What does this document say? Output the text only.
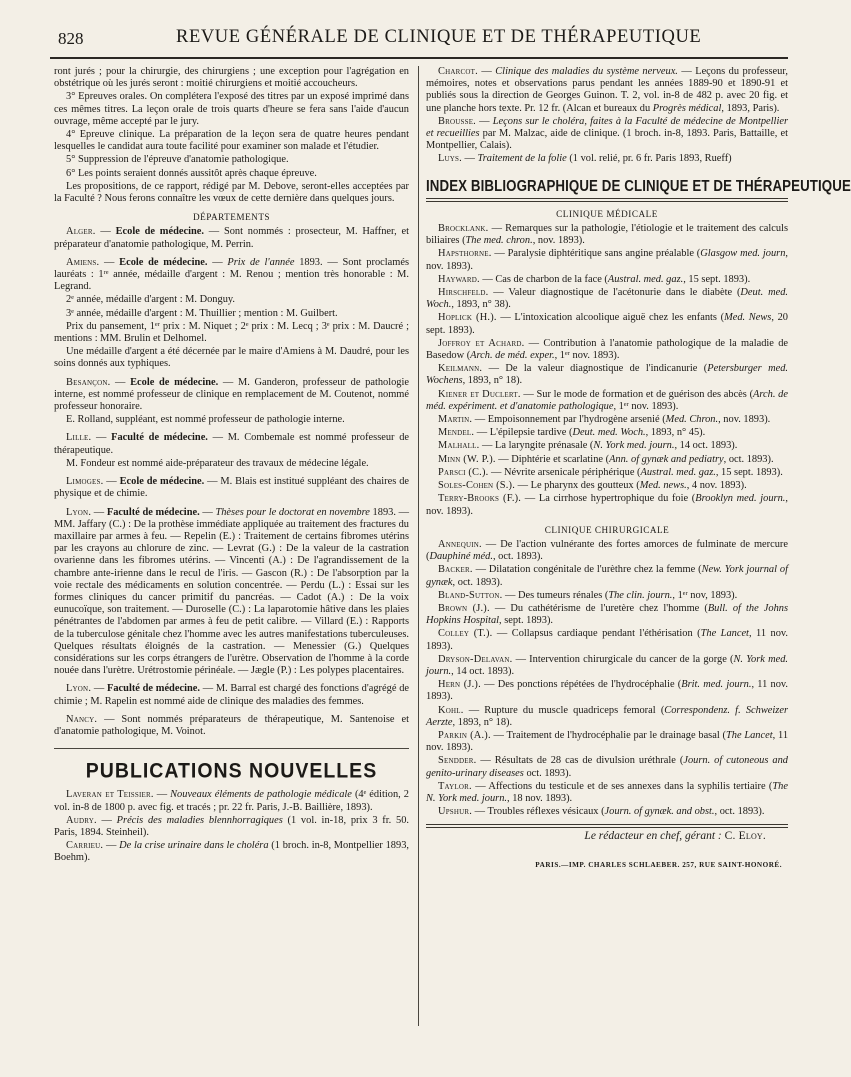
828	REVUE GÉNÉRALE DE CLINIQUE ET DE THÉRAPEUTIQUE

ront jurés ; pour la chirurgie, des chirurgiens ; une exception pour l'agrégation en obstétrique où les jurés seront : moitié chirurgiens et moitié accoucheurs.

3° Epreuves orales. On complétera l'exposé des titres par un exposé imprimé dans ces mêmes titres. La leçon orale de trois quarts d'heure se fera sans l'aide d'aucun ouvrage, même accepté par le jury.

4° Epreuve clinique. La préparation de la leçon sera de quatre heures pendant lesquelles le candidat aura toute facilité pour examiner son malade et l'étudier.

5° Suppression de l'épreuve d'anatomie pathologique.

6° Les points seraient donnés aussitôt après chaque épreuve.

Les propositions, de ce rapport, rédigé par M. Debove, seront-elles acceptées par la Faculté ? Nous ferons connaître les vœux de cette dernière dans quelques jours.

DÉPARTEMENTS

Alger. — Ecole de médecine. — Sont nommés : prosecteur, M. Haffner, et préparateur d'anatomie pathologique, M. Perrin.

Amiens. — Ecole de médecine. — Prix de l'année 1893. — Sont proclamés lauréats : 1ʳᵉ année, médaille d'argent : M. Renou ; mention très honorable : M. Legrand.

2ᵉ année, médaille d'argent : M. Donguy.

3ᵉ année, médaille d'argent : M. Thuillier ; mention : M. Guilbert.

Prix du pansement, 1ᵉʳ prix : M. Niquet ; 2ᵉ prix : M. Lecq ; 3ᵉ prix : M. Daucré ; mentions : MM. Brulin et Delhomel.

Une médaille d'argent a été décernée par le maire d'Amiens à M. Daudré, pour les soins donnés aux typhiques.

Besançon. — Ecole de médecine. — M. Ganderon, professeur de pathologie interne, est nommé professeur de clinique en remplacement de M. Coutenot, nommé professeur honoraire.

E. Rolland, suppléant, est nommé professeur de pathologie interne.

Lille. — Faculté de médecine. — M. Combemale est nommé professeur de thérapeutique.

M. Fondeur est nommé aide-préparateur des travaux de médecine légale.

Limoges. — Ecole de médecine. — M. Blais est institué suppléant des chaires de physique et de chimie.

Lyon. — Faculté de médecine. — Thèses pour le doctorat en novembre 1893. — MM. Jaffary (C.) : De la prothèse immédiate appliquée au traitement des fractures du maxillaire par armes à feu. — Repelin (E.) : Traitement de certains fibromes utérins par les crayons au chlorure de zinc. — Levrat (G.) : De la valeur de la castration ovarienne dans les fibromes utérins. — Vincenti (A.) : De l'agrandissement de la chambre ante-irienne dans le recul de l'iris. — Gascon (R.) : De l'absorption par la voie rectale des médicaments en solution concentrée. — Perdu (L.) : Essai sur les formes cliniques du cancer primitif du pancréas. — Cadot (A.) : De la voix eunucoïque, son traitement. — Duroselle (C.) : La laparotomie hâtive dans les plaies pénétrantes de l'abdomen par armes à feu de petit calibre. — Villard (E.) : Rapports de la tuberculose génitale chez l'homme avec les autres manifestations tuberculeuses. Quelques résultats éloignés de la castration. — Menessier (G.) Quelques considérations sur les corps étrangers de l'urètre. Observation de l'homme à la corde nouée dans l'urètre. Urétrostomie périnéale. — Jægle (P.) : Les polypes placentaires.

Lyon. — Faculté de médecine. — M. Barral est chargé des fonctions d'agrégé de chimie ; M. Rapelin est nommé aide de clinique des maladies des femmes.

Nancy. — Sont nommés préparateurs de thérapeutique, M. Santenoise et d'anatomie pathologique, M. Voinot.

PUBLICATIONS NOUVELLES

Laveran et Teissier. — Nouveaux éléments de pathologie médicale (4ᵉ édition, 2 vol. in-8 de 1800 p. avec fig. et tracés ; pr. 22 fr. Paris, J.-B. Baillière, 1893).

Audry. — Précis des maladies blennhorragiques (1 vol. in-18, prix 3 fr. 50. Paris, 1894. Steinheil).

Carrieu. — De la crise urinaire dans le choléra (1 broch. in-8, Montpellier 1893, Boehm).

Charcot. — Clinique des maladies du système nerveux. — Leçons du professeur, mémoires, notes et observations parus pendant les années 1889-90 et 1890-91 et publiés sous la direction de Georges Guinon. T. 2, vol. in-8 de 482 p. avec 20 fig. et une planche hors texte. Pr. 12 fr. (Alcan et bureaux du Progrès médical, 1893, Paris).

Brousse. — Leçons sur le choléra, faites à la Faculté de médecine de Montpellier et recueillies par M. Malzac, aide de clinique. (1 broch. in-8, 1893. Paris, Battaille, et Montpellier, Calais).

Luys. — Traitement de la folie (1 vol. relié, pr. 6 fr. Paris 1893, Rueff)

INDEX BIBLIOGRAPHIQUE DE CLINIQUE ET DE THÉRAPEUTIQUE

CLINIQUE MÉDICALE

Brocklank. — Remarques sur la pathologie, l'étiologie et le traitement des calculs biliaires (The med. chron., nov. 1893).

Hapsthorne. — Paralysie diphtéritique sans angine préalable (Glasgow med. journ, nov. 1893).

Hayward. — Cas de charbon de la face (Austral. med. gaz., 15 sept. 1893).

Hirschfeld. — Valeur diagnostique de l'acétonurie dans le diabète (Deut. med. Woch., 1893, n° 38).

Hoplick (H.). — L'intoxication alcoolique aiguë chez les enfants (Med. News, 20 sept. 1893).

Joffroy et Achard. — Contribution à l'anatomie pathologique de la maladie de Basedow (Arch. de méd. exper., 1ᵉʳ nov. 1893).

Keilmann. — De la valeur diagnostique de l'indicanurie (Petersburger med. Wochens, 1893, n° 18).

Kiener et Duclert. — Sur le mode de formation et de guérison des abcès (Arch. de méd. expériment. et d'anatomie pathologique, 1ᵉʳ nov. 1893).

Martin. — Empoisonnement par l'hydrogène arsenié (Med. Chron., nov. 1893).

Mendel. — L'épilepsie tardive (Deut. med. Woch., 1893, n° 45).

Malhall. — La laryngite prénasale (N. York med. journ., 14 oct. 1893).

Minn (W. P.). — Diphtérie et scarlatine (Ann. of gynæk and pediatry, oct. 1893).

Parsci (C.). — Névrite arsenicale périphérique (Austral. med. gaz., 15 sept. 1893).

Soles-Cohen (S.). — Le pharynx des goutteux (Med. news., 4 nov. 1893).

Terry-Brooks (F.). — La cirrhose hypertrophique du foie (Brooklyn med. journ., nov. 1893).

CLINIQUE CHIRURGICALE

Annequin. — De l'action vulnérante des fortes amorces de fulminate de mercure (Dauphiné méd., oct. 1893).

Backer. — Dilatation congénitale de l'urèthre chez la femme (New. York journal of gynæk, oct. 1893).

Bland-Sutton. — Des tumeurs rénales (The clin. journ., 1ᵉʳ nov, 1893).

Brown (J.). — Du cathétérisme de l'uretère chez l'homme (Bull. of the Johns Hopkins Hospital, sept. 1893).

Colley (T.). — Collapsus cardiaque pendant l'éthérisation (The Lancet, 11 nov. 1893).

Dryson-Delavan. — Intervention chirurgicale du cancer de la gorge (N. York med. journ., 14 oct. 1893).

Hern (J.). — Des ponctions répétées de l'hydrocéphalie (Brit. med. journ., 11 nov. 1893).

Kohl. — Rupture du muscle quadriceps femoral (Correspondenz. f. Schweizer Aerzte, 1893, n° 18).

Parkin (A.). — Traitement de l'hydrocéphalie par le drainage basal (The Lancet, 11 nov. 1893).

Sendder. — Résultats de 28 cas de divulsion uréthrale (Journ. of cutoneous and genito-urinary diseases oct. 1893).

Taylor. — Affections du testicule et de ses annexes dans la syphilis tertiaire (The N. York med. journ., 18 nov. 1893).

Upshur. — Troubles réflexes vésicaux (Journ. of gynæk. and obst., oct. 1893).

Le rédacteur en chef, gérant : C. Eloy.

PARIS.—IMP. CHARLES SCHLAEBER. 257, RUE SAINT-HONORÉ.
